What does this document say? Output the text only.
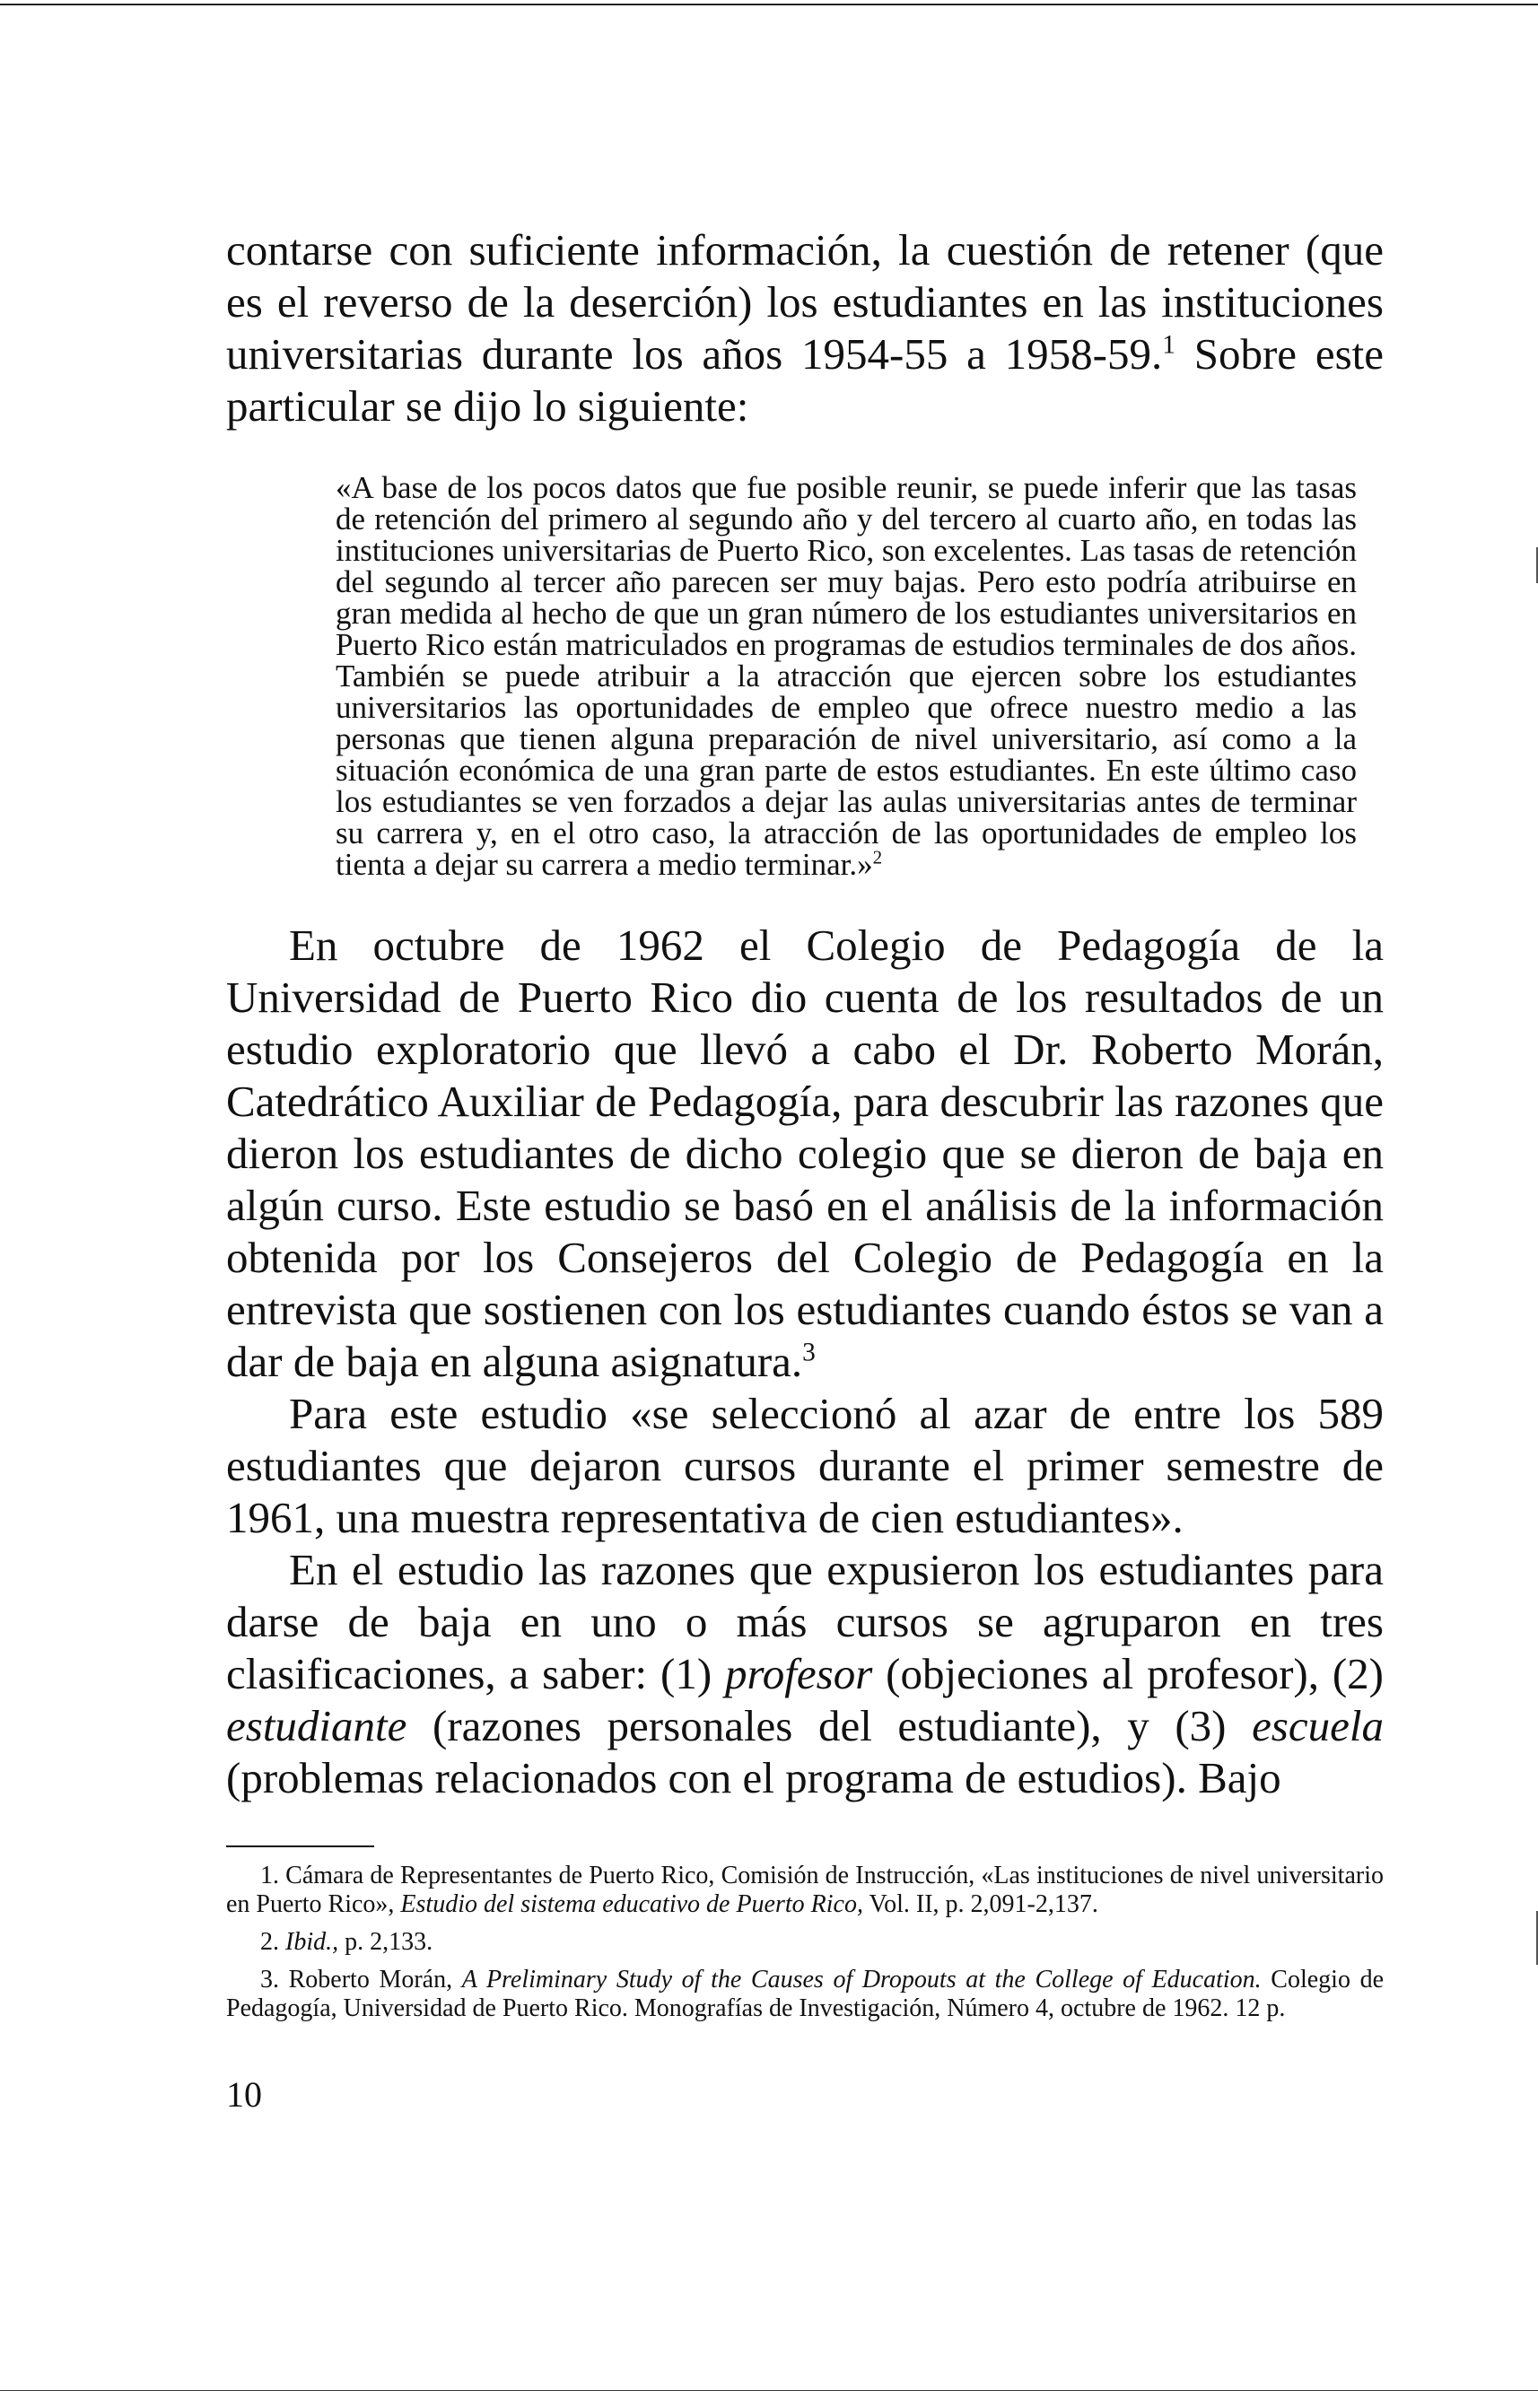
contarse con suficiente información, la cuestión de retener (que es el reverso de la deserción) los estudiantes en las instituciones universitarias durante los años 1954-55 a 1958-59.$^1$ Sobre este particular se dijo lo siguiente:

«A base de los pocos datos que fue posible reunir, se puede inferir que las tasas de retención del primero al segundo año y del tercero al cuarto año, en todas las instituciones universitarias de Puerto Rico, son excelentes. Las tasas de retención del segundo al tercer año parecen ser muy bajas. Pero esto podría atribuirse en gran medida al hecho de que un gran número de los estudiantes universitarios en Puerto Rico están matriculados en programas de estudios terminales de dos años. También se puede atribuir a la atracción que ejercen sobre los estudiantes universitarios las oportunidades de empleo que ofrece nuestro medio a las personas que tienen alguna preparación de nivel universitario, así como a la situación económica de una gran parte de estos estudiantes. En este último caso los estudiantes se ven forzados a dejar las aulas universitarias antes de terminar su carrera y, en el otro caso, la atracción de las oportunidades de empleo los tienta a dejar su carrera a medio terminar.»$^2$

En octubre de 1962 el Colegio de Pedagogía de la Universidad de Puerto Rico dio cuenta de los resultados de un estudio exploratorio que llevó a cabo el Dr. Roberto Morán, Catedrático Auxiliar de Pedagogía, para descubrir las razones que dieron los estudiantes de dicho colegio que se dieron de baja en algún curso. Este estudio se basó en el análisis de la información obtenida por los Consejeros del Colegio de Pedagogía en la entrevista que sostienen con los estudiantes cuando éstos se van a dar de baja en alguna asignatura.$^3$

Para este estudio «se seleccionó al azar de entre los 589 estudiantes que dejaron cursos durante el primer semestre de 1961, una muestra representativa de cien estudiantes».

En el estudio las razones que expusieron los estudiantes para darse de baja en uno o más cursos se agruparon en tres clasificaciones, a saber: (1) profesor (objeciones al profesor), (2) estudiante (razones personales del estudiante), y (3) escuela (problemas relacionados con el programa de estudios). Bajo

1. Cámara de Representantes de Puerto Rico, Comisión de Instrucción, «Las instituciones de nivel universitario en Puerto Rico», Estudio del sistema educativo de Puerto Rico, Vol. II, p. 2,091-2,137.

2. Ibid., p. 2,133.

3. Roberto Morán, A Preliminary Study of the Causes of Dropouts at the College of Education. Colegio de Pedagogía, Universidad de Puerto Rico. Monografías de Investigación, Número 4, octubre de 1962. 12 p.

10
